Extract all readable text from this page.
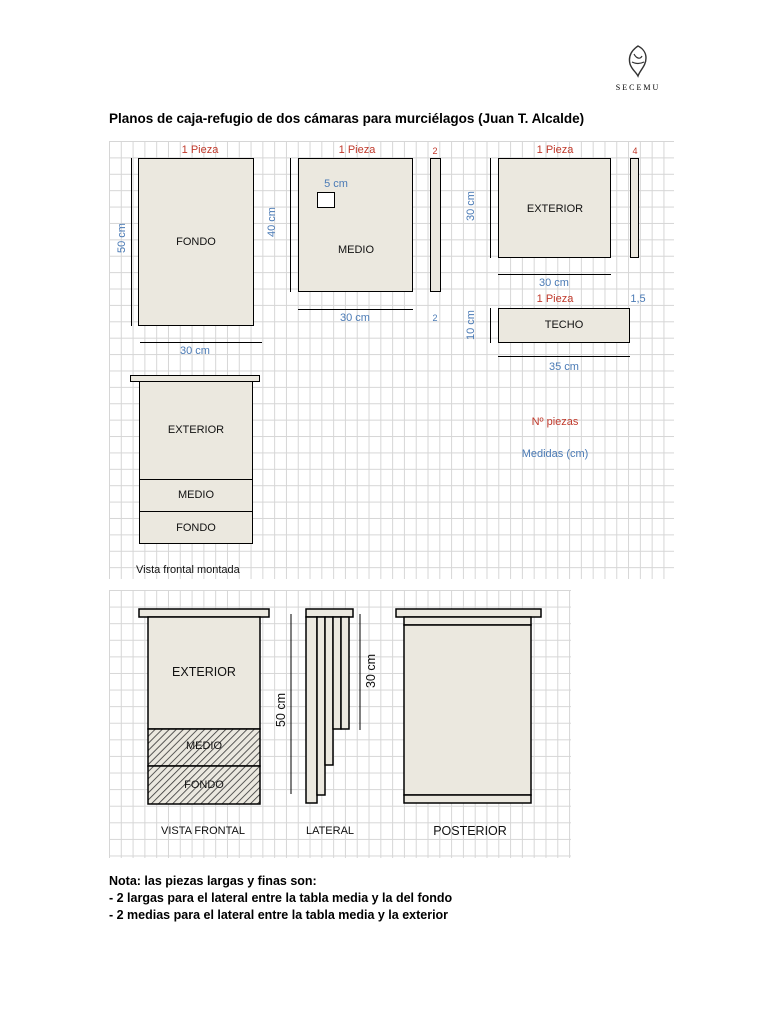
SECEMU
Planos de caja-refugio de dos cámaras para murciélagos (Juan T. Alcalde)
1 Pieza
50 cm	FONDO
30 cm
1 Pieza
40 cm
5 cm
MEDIO
30 cm
2
2
1 Pieza
30 cm	EXTERIOR
30 cm
4
1 Pieza	1,5
10 cm	TECHO
35 cm
Nº piezas
Medidas (cm)
EXTERIOR
MEDIO
FONDO
Vista frontal montada
EXTERIOR
MEDIO
FONDO
VISTA FRONTAL
50 cm
30 cm
LATERAL	POSTERIOR
Nota: las piezas largas y finas son:
- 2 largas para el lateral entre la tabla media y la del fondo
- 2 medias para el lateral entre la tabla media y la exterior
